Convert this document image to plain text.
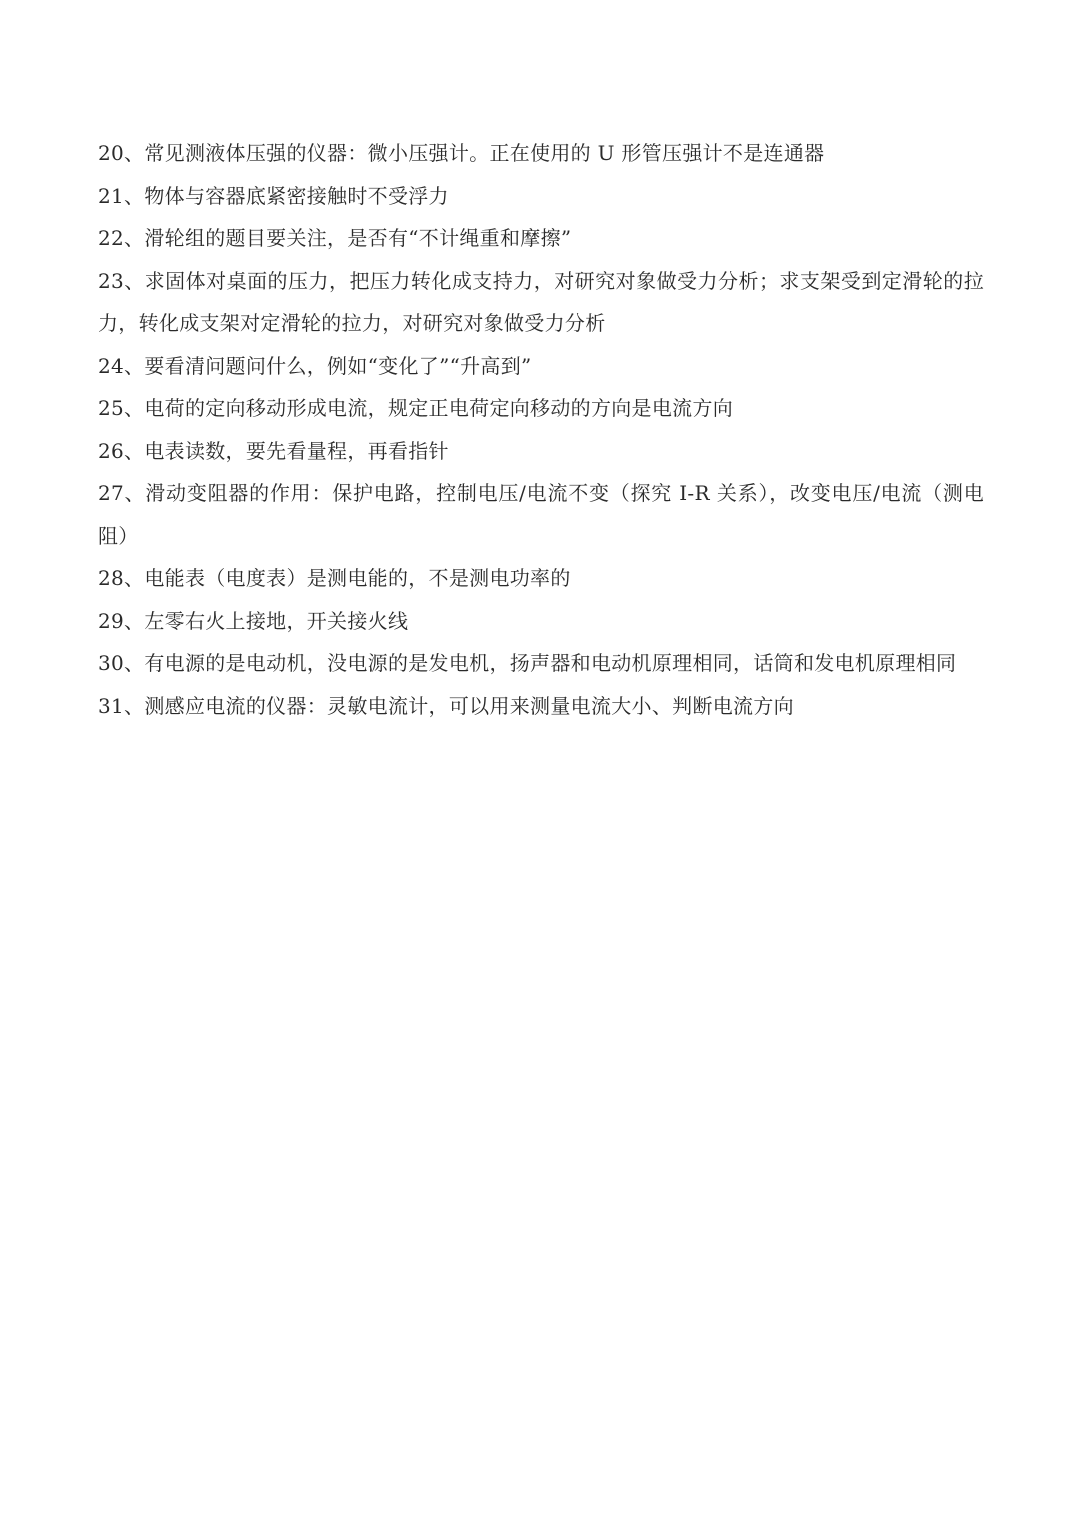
20、常见测液体压强的仪器：微小压强计。正在使用的 U 形管压强计不是连通器

21、物体与容器底紧密接触时不受浮力

22、滑轮组的题目要关注，是否有“不计绳重和摩擦”

23、求固体对桌面的压力，把压力转化成支持力，对研究对象做受力分析；求支架受到定滑轮的拉力，转化成支架对定滑轮的拉力，对研究对象做受力分析

24、要看清问题问什么，例如“变化了”“升高到”

25、电荷的定向移动形成电流，规定正电荷定向移动的方向是电流方向

26、电表读数，要先看量程，再看指针

27、滑动变阻器的作用：保护电路，控制电压/电流不变（探究 I-R 关系），改变电压/电流（测电阻）

28、电能表（电度表）是测电能的，不是测电功率的

29、左零右火上接地，开关接火线

30、有电源的是电动机，没电源的是发电机，扬声器和电动机原理相同，话筒和发电机原理相同

31、测感应电流的仪器：灵敏电流计，可以用来测量电流大小、判断电流方向
